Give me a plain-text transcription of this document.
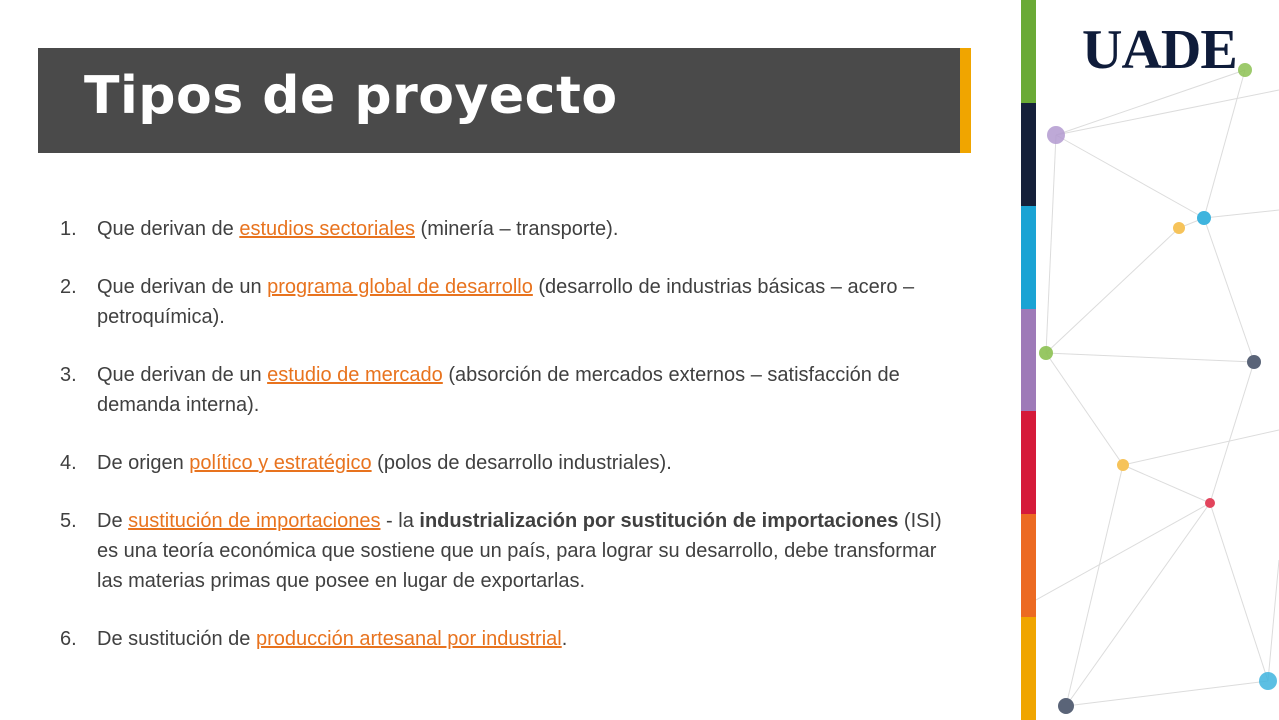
Tipos de proyecto
1.	Que derivan de estudios sectoriales (minería – transporte).
2.	Que derivan de un programa global de desarrollo (desarrollo de industrias básicas – acero – petroquímica).
3.	Que derivan de un estudio de mercado (absorción de mercados externos – satisfacción de demanda interna).
4.	De origen político y estratégico (polos de desarrollo industriales).
5.	De sustitución de importaciones - la industrialización por sustitución de importaciones (ISI) es una teoría económica que sostiene que un país, para lograr su desarrollo, debe transformar las materias primas que posee en lugar de exportarlas.
6.	De sustitución de producción artesanal por industrial.
UADE
